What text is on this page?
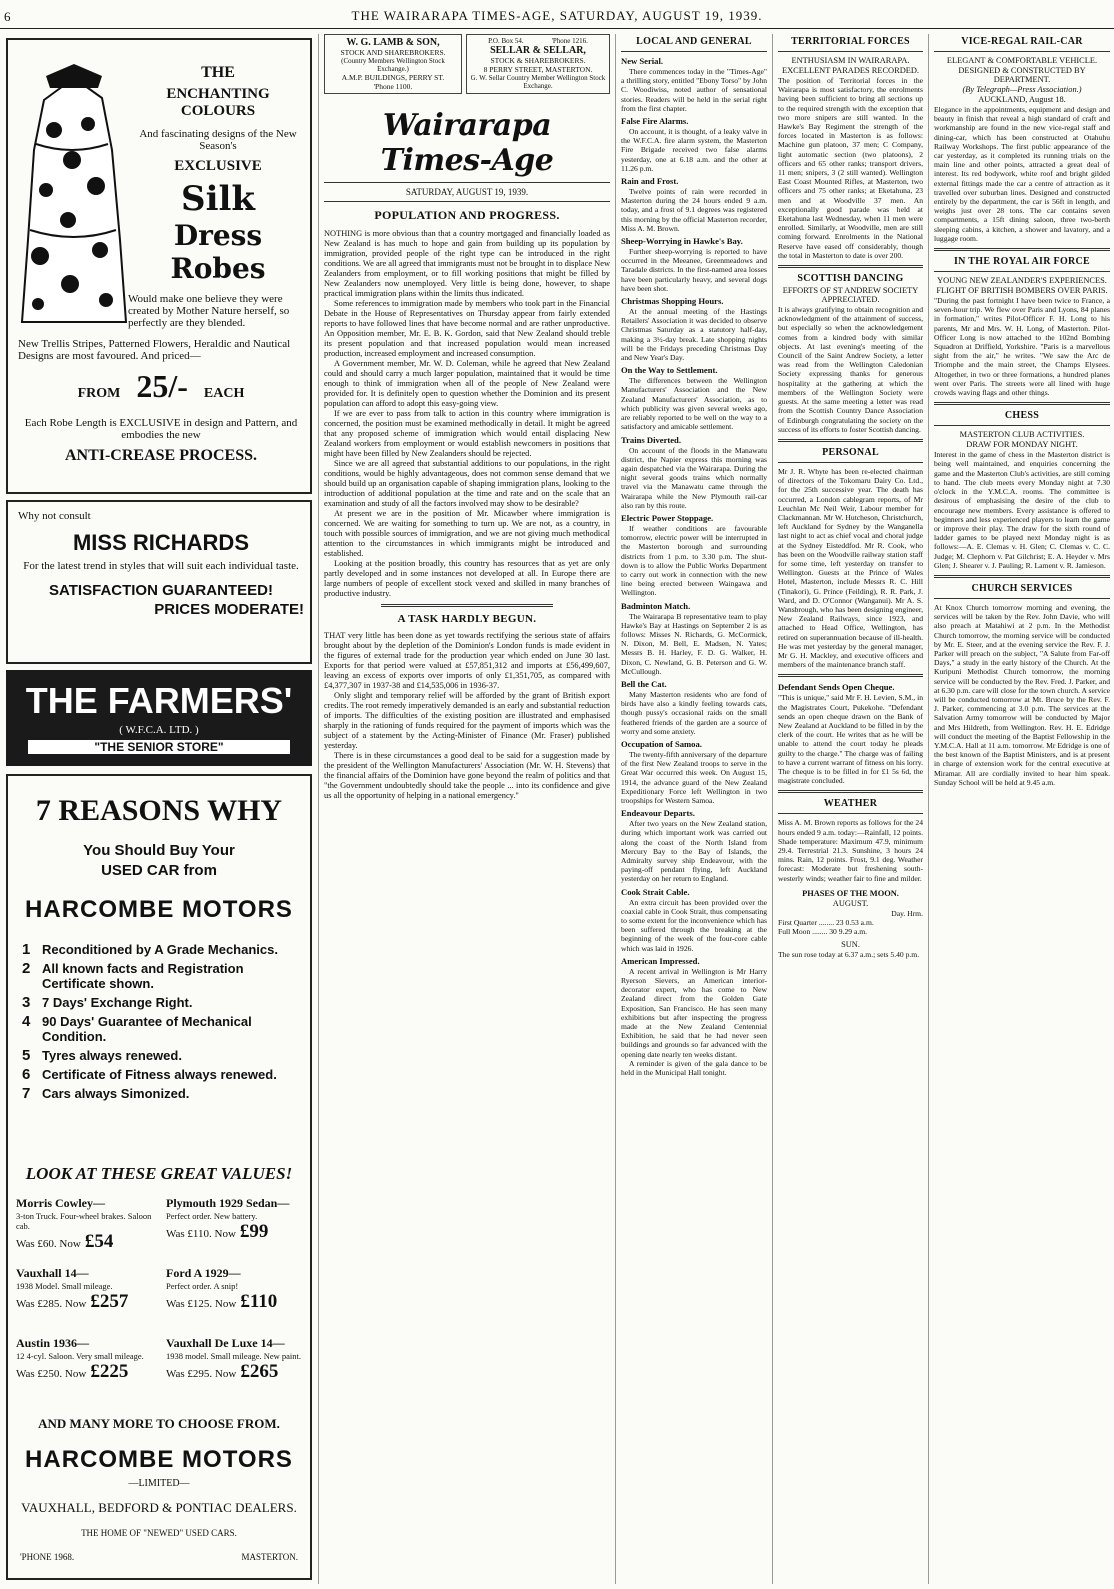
6	THE WAIRARAPA TIMES-AGE, SATURDAY, AUGUST 19, 1939.
THE
ENCHANTING COLOURS
And fascinating designs of the New Season's
EXCLUSIVE
Silk
Dress Robes
Would make one believe they were created by Mother Nature herself, so perfectly are they blended.
New Trellis Stripes, Patterned Flowers, Heraldic and Nautical Designs are most favoured. And priced—
FROM 25/- EACH
Each Robe Length is EXCLUSIVE in design and Pattern, and embodies the new
ANTI-CREASE PROCESS.
Why not consult
MISS RICHARDS
For the latest trend in styles that will suit each individual taste.
SATISFACTION GUARANTEED!
PRICES MODERATE!
THE FARMERS'
( W.F.C.A. LTD. )
"THE SENIOR STORE"
7 REASONS WHY
You Should Buy Your
USED CAR from
HARCOMBE MOTORS
1 Reconditioned by A Grade Mechanics.
2 All known facts and Registration Certificate shown.
3 7 Days' Exchange Right.
4 90 Days' Guarantee of Mechanical Condition.
5 Tyres always renewed.
6 Certificate of Fitness always renewed.
7 Cars always Simonized.
LOOK AT THESE GREAT VALUES!
Morris Cowley—
3-ton Truck. Four-wheel brakes. Saloon cab.
Was £60. Now £54
Plymouth 1929 Sedan—
Perfect order. New battery.
Was £110. Now £99
Vauxhall 14—
1938 Model. Small mileage.
Was £285. Now £257
Ford A 1929—
Perfect order. A snip!
Was £125. Now £110
Austin 1936—
12 4-cyl. Saloon. Very small mileage.
Was £250. Now £225
Vauxhall De Luxe 14—
1938 model. Small mileage. New paint.
Was £295. Now £265
AND MANY MORE TO CHOOSE FROM.
HARCOMBE MOTORS
—LIMITED—
VAUXHALL, BEDFORD & PONTIAC DEALERS.
THE HOME OF "NEWED" USED CARS.
'PHONE 1968.	MASTERTON.
W. G. LAMB & SON,
STOCK AND SHAREBROKERS.
(Country Members Wellington Stock Exchange.)
A.M.P. BUILDINGS, PERRY ST.
'Phone 1100.
P.O. Box 54.                'Phone 1216.
SELLAR & SELLAR,
STOCK & SHAREBROKERS.
8 PERRY STREET, MASTERTON.
G. W. Sellar Country Member Wellington Stock Exchange.
Wairarapa Times-Age
SATURDAY, AUGUST 19, 1939.
POPULATION AND PROGRESS.

NOTHING is more obvious than that a country mortgaged and financially loaded as New Zealand is has much to hope and gain from building up its population by immigration, provided people of the right type can be introduced in the right conditions. We are all agreed that immigrants must not be brought in to displace New Zealanders from employment, or to fill working positions that might be filled by New Zealanders now unemployed. Very little is being done, however, to shape practical immigration plans within the limits thus indicated.

Some references to immigration made by members who took part in the Financial Debate in the House of Representatives on Thursday appear from fairly extended reports to have followed lines that have become normal and are rather unproductive. An Opposition member, Mr. E. B. K. Gordon, said that New Zealand should treble its present population and that increased population would mean increased production, increased employment and increased consumption.

A Government member, Mr. W. D. Coleman, while he agreed that New Zealand could and should carry a much larger population, maintained that it would be time enough to think of immigration when all of the people of New Zealand were provided for. It is definitely open to question whether the Dominion and its present population can afford to adopt this easy-going view.

If we are ever to pass from talk to action in this country where immigration is concerned, the position must be examined methodically in detail. It might be agreed that any proposed scheme of immigration which would entail displacing New Zealand workers from employment or would establish newcomers in positions that might have been filled by New Zealanders should be rejected.

Since we are all agreed that substantial additions to our populations, in the right conditions, would be highly advantageous, does not common sense demand that we should build up an organisation capable of shaping immigration plans, looking to the introduction of additional population at the time and rate and on the scale that an examination and study of all the factors involved may show to be desirable?

At present we are in the position of Mr. Micawber where immigration is concerned. We are waiting for something to turn up. We are not, as a country, in touch with possible sources of immigration, and we are not giving much methodical attention to the circumstances in which immigrants might be introduced and established.

Looking at the position broadly, this country has resources that as yet are only partly developed and in some instances not developed at all. In Europe there are large numbers of people of excellent stock vexed and skilled in many branches of productive industry.

A TASK HARDLY BEGUN.

THAT very little has been done as yet towards rectifying the serious state of affairs brought about by the depletion of the Dominion's London funds is made evident in the figures of external trade for the production year which ended on June 30 last. Exports for that period were valued at £57,851,312 and imports at £56,499,607, leaving an excess of exports over imports of only £1,351,705, as compared with £4,377,307 in 1937-38 and £14,535,006 in 1936-37.

Only slight and temporary relief will be afforded by the grant of British export credits. The root remedy imperatively demanded is an early and substantial reduction of imports. The difficulties of the existing position are illustrated and emphasised sharply in the rationing of funds required for the payment of imports which was the subject of a statement by the Acting-Minister of Finance (Mr. Fraser) published yesterday.

There is in these circumstances a good deal to be said for a suggestion made by the president of the Wellington Manufacturers' Association (Mr. W. H. Stevens) that the financial affairs of the Dominion have gone beyond the realm of politics and that "the Government undoubtedly should take the people ... into its confidence and give us all the opportunity of helping in a national emergency."

LOCAL AND GENERAL
New Serial.

There commences today in the "Times-Age" a thrilling story, entitled "Ebony Torso" by John C. Woodiwiss, noted author of sensational stories. Readers will be held in the serial right from the first chapter.

False Fire Alarms.

On account, it is thought, of a leaky valve in the W.F.C.A. fire alarm system, the Masterton Fire Brigade received two false alarms yesterday, one at 6.18 a.m. and the other at 11.26 p.m.

Rain and Frost.

Twelve points of rain were recorded in Masterton during the 24 hours ended 9 a.m. today, and a frost of 9.1 degrees was registered this morning by the official Masterton recorder, Miss A. M. Brown.

Sheep-Worrying in Hawke's Bay.

Further sheep-worrying is reported to have occurred in the Meeanee, Greenmeadows and Taradale districts. In the first-named area losses have been particularly heavy, and several dogs have been shot.

Christmas Shopping Hours.

At the annual meeting of the Hastings Retailers' Association it was decided to observe Christmas Saturday as a statutory half-day, making a 3½-day break. Late shopping nights will be the Fridays preceding Christmas Day and New Year's Day.

On the Way to Settlement.

The differences between the Wellington Manufacturers' Association and the New Zealand Manufacturers' Association, as to which publicity was given several weeks ago, are reliably reported to be well on the way to a satisfactory and amicable settlement.

Trains Diverted.

On account of the floods in the Manawatu district, the Napier express this morning was again despatched via the Wairarapa. During the night several goods trains which normally travel via the Manawatu came through the Wairarapa while the New Plymouth rail-car also ran by this route.

Electric Power Stoppage.

If weather conditions are favourable tomorrow, electric power will be interrupted in the Masterton borough and surrounding districts from 1 p.m. to 3.30 p.m. The shut-down is to allow the Public Works Department to carry out work in connection with the new line being erected between Waingawa and Wellington.

Badminton Match.

The Wairarapa B representative team to play Hawke's Bay at Hastings on September 2 is as follows: Misses N. Richards, G. McCormick, N. Dixon, M. Bell, E. Madsen, N. Yates; Messrs B. H. Harley, F. D. G. Walker, H. Dixon, C. Newland, G. B. Peterson and G. W. McCullough.

Bell the Cat.

Many Masterton residents who are fond of birds have also a kindly feeling towards cats, though pussy's occasional raids on the small feathered friends of the garden are a source of worry and some anxiety.

Occupation of Samoa.

The twenty-fifth anniversary of the departure of the first New Zealand troops to serve in the Great War occurred this week. On August 15, 1914, the advance guard of the New Zealand Expeditionary Force left Wellington in two troopships for Western Samoa.

Endeavour Departs.

After two years on the New Zealand station, during which important work was carried out along the coast of the North Island from Mercury Bay to the Bay of Islands, the Admiralty survey ship Endeavour, with the paying-off pendant flying, left Auckland yesterday on her return to England.

Cook Strait Cable.

An extra circuit has been provided over the coaxial cable in Cook Strait, thus compensating to some extent for the inconvenience which has been suffered through the breaking at the beginning of the week of the four-core cable which was laid in 1926.

American Impressed.

A recent arrival in Wellington is Mr Harry Ryerson Sievers, an American interior-decorator expert, who has come to New Zealand direct from the Golden Gate Exposition, San Francisco. He has seen many exhibitions but after inspecting the progress made at the New Zealand Centennial Exhibition, he said that he had never seen buildings and grounds so far advanced with the opening date nearly ten weeks distant.

A reminder is given of the gala dance to be held in the Municipal Hall tonight.

TERRITORIAL FORCES
ENTHUSIASM IN WAIRARAPA.
EXCELLENT PARADES RECORDED.

The position of Territorial forces in the Wairarapa is most satisfactory, the enrolments having been sufficient to bring all sections up to the required strength with the exception that two more snipers are still wanted. In the Hawke's Bay Regiment the strength of the forces located in Masterton is as follows: Machine gun platoon, 37 men; C Company, light automatic section (two platoons), 2 officers and 65 other ranks; transport drivers, 11 men; snipers, 3 (2 still wanted). Wellington East Coast Mounted Rifles, at Masterton, two officers and 75 other ranks; at Eketahuna, 23 men and at Woodville 37 men. An exceptionally good parade was held at Eketahuna last Wednesday, when 11 men were enrolled. Similarly, at Woodville, men are still coming forward. Enrolments in the National Reserve have eased off considerably, though the total in Masterton to date is over 200.

SCOTTISH DANCING
EFFORTS OF ST ANDREW SOCIETY APPRECIATED.

It is always gratifying to obtain recognition and acknowledgment of the attainment of success, but especially so when the acknowledgement comes from a kindred body with similar objects. At last evening's meeting of the Council of the Saint Andrew Society, a letter was read from the Wellington Caledonian Society expressing thanks for generous hospitality at the gathering at which the members of the Wellington Society were guests. At the same meeting a letter was read from the Scottish Country Dance Association of Edinburgh congratulating the society on the success of its efforts to foster Scottish dancing.

PERSONAL

Mr J. R. Whyte has been re-elected chairman of directors of the Tokomaru Dairy Co. Ltd., for the 25th successive year. The death has occurred, a London cablegram reports, of Mr Leuchlan Mc Neil Weir, Labour member for Clackmannan. Mr W. Hutcheson, Christchurch, left Auckland for Sydney by the Wanganella last night to act as chief vocal and choral judge at the Sydney Eisteddfod. Mr R. Cook, who has been on the Woodville railway station staff for some time, left yesterday on transfer to Wellington. Guests at the Prince of Wales Hotel, Masterton, include Messrs R. C. Hill (Tinakori), G. Prince (Feilding), R. R. Park, J. Ward, and D. O'Connor (Wanganui). Mr A. S. Wansbrough, who has been designing engineer, New Zealand Railways, since 1923, and attached to Head Office, Wellington, has retired on superannuation because of ill-health. He was met yesterday by the general manager, Mr G. H. Mackley, and executive officers and members of the maintenance branch staff.

Defendant Sends Open Cheque.

"This is unique," said Mr F. H. Levien, S.M., in the Magistrates Court, Pukekohe. "Defendant sends an open cheque drawn on the Bank of New Zealand at Auckland to be filled in by the clerk of the court. He writes that as he will be unable to attend the court today he pleads guilty to the charge." The charge was of failing to have a current warrant of fitness on his lorry. The cheque is to be filled in for £1 5s 6d, the magistrate concluded.

WEATHER

Miss A. M. Brown reports as follows for the 24 hours ended 9 a.m. today:—Rainfall, 12 points. Shade temperature: Maximum 47.9, minimum 29.4. Terrestrial 21.3. Sunshine, 3 hours 24 mins. Rain, 12 points. Frost, 9.1 deg. Weather forecast: Moderate but freshening south-westerly winds; weather fair to fine and milder.

PHASES OF THE MOON.
AUGUST.
Day. Hrm.
First Quarter ........ 23 0.53 a.m.
Full Moon ........ 30 9.29 a.m.
SUN.
The sun rose today at 6.37 a.m.; sets 5.40 p.m.
VICE-REGAL RAIL-CAR
ELEGANT & COMFORTABLE VEHICLE.
DESIGNED & CONSTRUCTED BY DEPARTMENT.
(By Telegraph—Press Association.)
AUCKLAND, August 18.

Elegance in the appointments, equipment and design and beauty in finish that reveal a high standard of craft and workmanship are found in the new vice-regal staff and dining-car, which has been constructed at Otahuhu Railway Workshops. The first public appearance of the car yesterday, as it completed its running trials on the main line and other points, attracted a great deal of interest. Its red bodywork, white roof and bright gilded external fittings made the car a centre of attraction as it travelled over suburban lines. Designed and constructed entirely by the department, the car is 56ft in length, and weighs just over 28 tons. The car contains seven compartments, a 15ft dining saloon, three two-berth sleeping cabins, a kitchen, a shower and lavatory, and a luggage room.

IN THE ROYAL AIR FORCE
YOUNG NEW ZEALANDER'S EXPERIENCES.
FLIGHT OF BRITISH BOMBERS OVER PARIS.

"During the past fortnight I have been twice to France, a seven-hour trip. We flew over Paris and Lyons, 84 planes in formation," writes Pilot-Officer F. H. Long to his parents, Mr and Mrs. W. H. Long, of Masterton. Pilot-Officer Long is now attached to the 102nd Bombing Squadron at Driffield, Yorkshire. "Paris is a marvellous sight from the air," he writes. "We saw the Arc de Triomphe and the main street, the Champs Elysees. Altogether, in two or three formations, a hundred planes went over Paris. The streets were all lined with huge crowds waving flags and other things.

CHESS
MASTERTON CLUB ACTIVITIES.
DRAW FOR MONDAY NIGHT.

Interest in the game of chess in the Masterton district is being well maintained, and enquiries concerning the game and the Masterton Club's activities, are still coming to hand. The club meets every Monday night at 7.30 o'clock in the Y.M.C.A. rooms. The committee is desirous of emphasising the desire of the club to encourage new members. Every assistance is offered to beginners and less experienced players to learn the game or improve their play. The draw for the sixth round of ladder games to be played next Monday night is as follows:—A. E. Clemas v. H. Glen; C. Clemas v. C. C. Judge; M. Clephorn v. Pat Gilchrist; E. A. Heyder v. Mrs Glen; J. Shearer v. J. Pauling; R. Lament v. R. Jamieson.

CHURCH SERVICES

At Knox Church tomorrow morning and evening, the services will be taken by the Rev. John Davie, who will also preach at Matahiwi at 2 p.m. In the Methodist Church tomorrow, the morning service will be conducted by Mr. E. Steer, and at the evening service the Rev. F. J. Parker will preach on the subject, "A Salute from Far-off Days," a study in the early history of the Church. At the Kuripuni Methodist Church tomorrow, the morning service will be conducted by the Rev. Fred. J. Parker, and at 6.30 p.m. care will close for the town church. A service will be conducted tomorrow at Mt. Bruce by the Rev. F. J. Parker, commencing at 3.0 p.m. The services at the Salvation Army tomorrow will be conducted by Major and Mrs Hildreth, from Wellington. Rev. H. E. Edridge will conduct the meeting of the Baptist Fellowship in the Y.M.C.A. Hall at 11 a.m. tomorrow. Mr Edridge is one of the best known of the Baptist Ministers, and is at present in charge of extension work for the central executive at Miramar. All are cordially invited to hear him speak. Sunday School will be held at 9.45 a.m.
